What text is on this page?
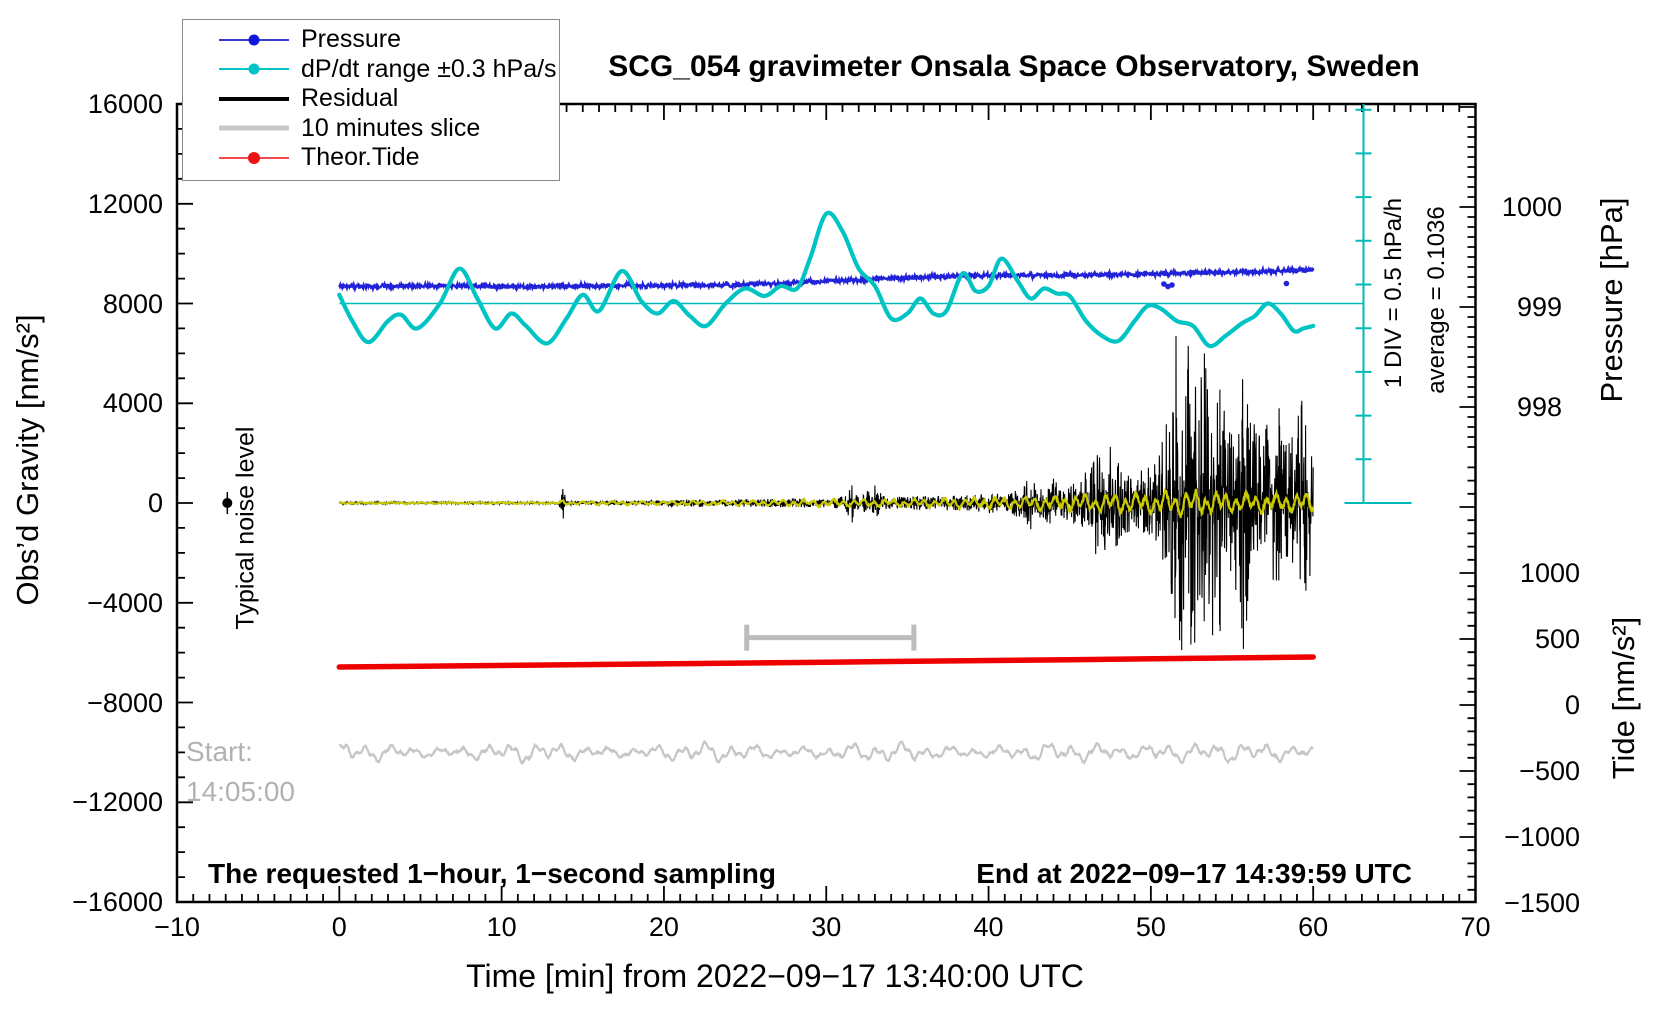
SCG_054 gravimeter Onsala Space Observatory, Sweden
Pressure
dP/dt range ±0.3 hPa/s
Residual
10 minutes slice
Theor.Tide
Obs’d Gravity [nm/s²]
Pressure [hPa]
Tide [nm/s²]
Time [min] from 2022−09−17 13:40:00 UTC
Typical noise level
Start:
14:05:00
1 DIV = 0.5 hPa/h average = 0.1036
The requested 1−hour, 1−second sampling	End at 2022−09−17 14:39:59 UTC
−10	0	10	20	30	40	50	60	70
16000
12000
8000
4000
0
−4000
−8000
−12000
−16000
1000
999
998
1000
500
0
−500
−1000
−1500
